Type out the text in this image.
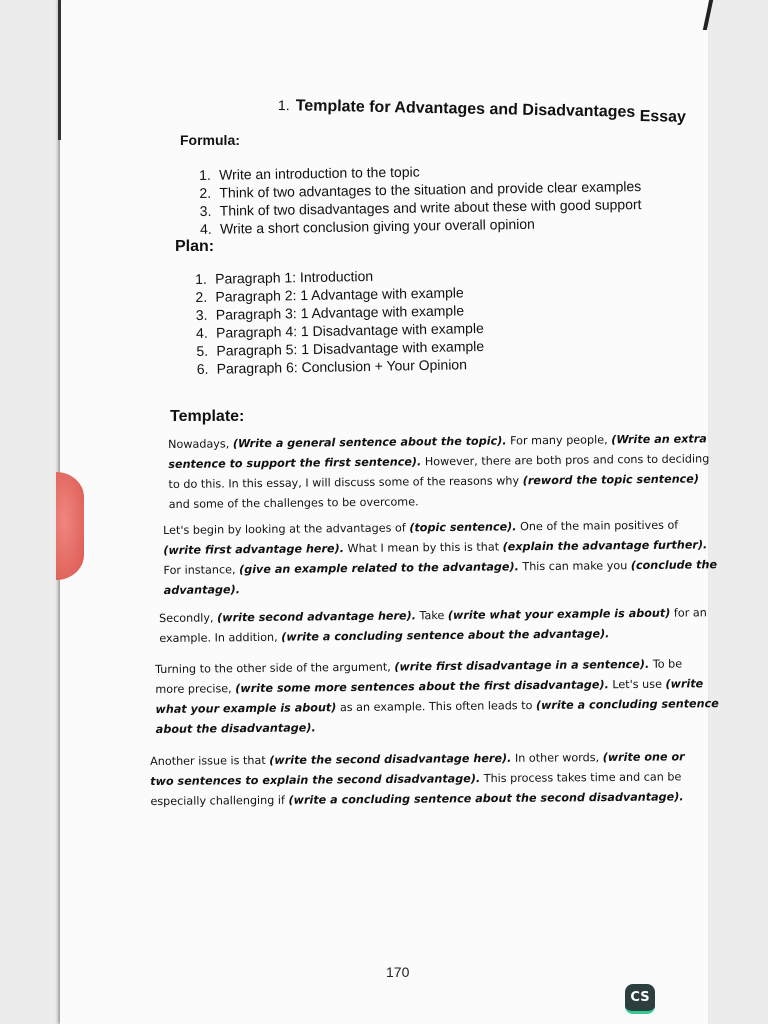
1. Template for Advantages and Disadvantages Essay
Formula:
1. Write an introduction to the topic
2. Think of two advantages to the situation and provide clear examples
3. Think of two disadvantages and write about these with good support
4. Write a short conclusion giving your overall opinion
Plan:
1. Paragraph 1: Introduction
2. Paragraph 2: 1 Advantage with example
3. Paragraph 3: 1 Advantage with example
4. Paragraph 4: 1 Disadvantage with example
5. Paragraph 5: 1 Disadvantage with example
6. Paragraph 6: Conclusion + Your Opinion
Template:
Nowadays, (Write a general sentence about the topic). For many people, (Write an extra
sentence to support the first sentence). However, there are both pros and cons to deciding
to do this. In this essay, I will discuss some of the reasons why (reword the topic sentence)
and some of the challenges to be overcome.
Let's begin by looking at the advantages of (topic sentence). One of the main positives of
(write first advantage here). What I mean by this is that (explain the advantage further).
For instance, (give an example related to the advantage). This can make you (conclude the
advantage).
Secondly, (write second advantage here). Take (write what your example is about) for an
example. In addition, (write a concluding sentence about the advantage).
Turning to the other side of the argument, (write first disadvantage in a sentence). To be
more precise, (write some more sentences about the first disadvantage). Let's use (write
what your example is about) as an example. This often leads to (write a concluding sentence
about the disadvantage).
Another issue is that (write the second disadvantage here). In other words, (write one or
two sentences to explain the second disadvantage). This process takes time and can be
especially challenging if (write a concluding sentence about the second disadvantage).
CS
